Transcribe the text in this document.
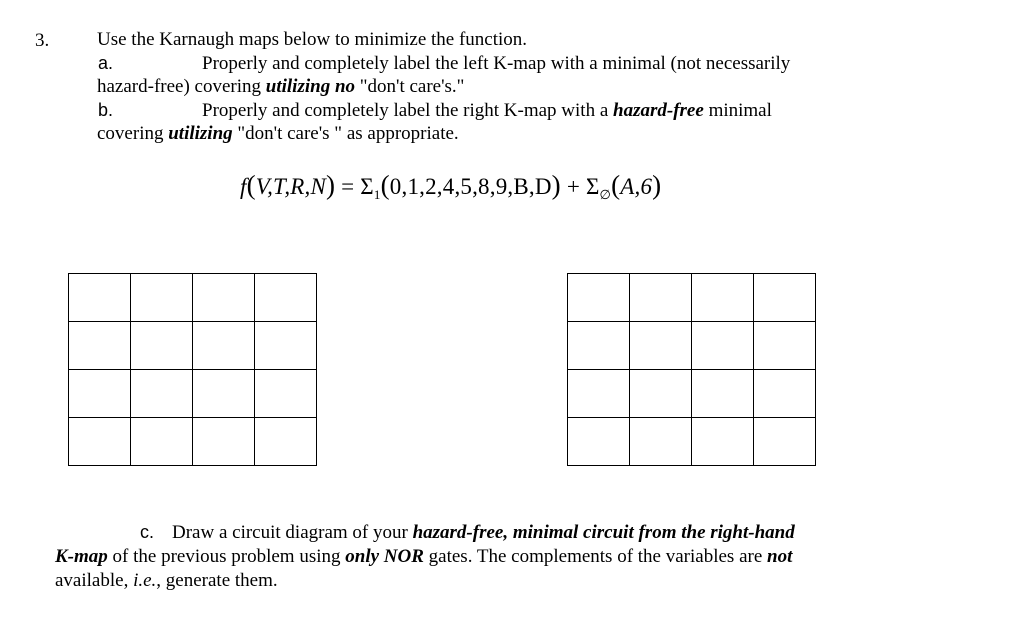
3.	Use the Karnaugh maps below to minimize the function.
a.	Properly and completely label the left K-map with a minimal (not necessarily
hazard-free) covering utilizing no "don't care's."
b.	Properly and completely label the right K-map with a hazard-free minimal
covering utilizing "don't care's " as appropriate.
$f(V,T,R,N) = \Sigma_1(0,1,2,4,5,8,9,B,D) + \Sigma_\emptyset(A,6)$

c. Draw a circuit diagram of your hazard-free, minimal circuit from the right-hand
K-map of the previous problem using only NOR gates. The complements of the variables are not
available, i.e., generate them.
